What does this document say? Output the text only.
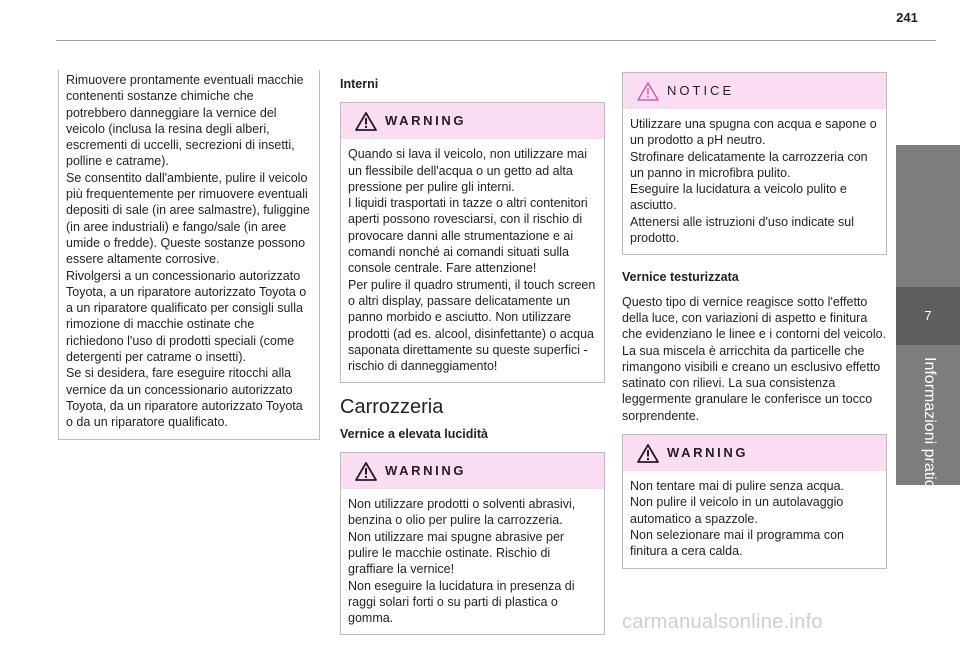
241
7
Informazioni pratiche

Rimuovere prontamente eventuali macchie contenenti sostanze chimiche che potrebbero danneggiare la vernice del veicolo (inclusa la resina degli alberi, escrementi di uccelli, secrezioni di insetti, polline e catrame).

Se consentito dall'ambiente, pulire il veicolo più frequentemente per rimuovere eventuali depositi di sale (in aree salmastre), fuliggine (in aree industriali) e fango/sale (in aree umide o fredde). Queste sostanze possono essere altamente corrosive.

Rivolgersi a un concessionario autorizzato Toyota, a un riparatore autorizzato Toyota o a un riparatore qualificato per consigli sulla rimozione di macchie ostinate che richiedono l'uso di prodotti speciali (come detergenti per catrame o insetti).

Se si desidera, fare eseguire ritocchi alla vernice da un concessionario autorizzato Toyota, da un riparatore autorizzato Toyota o da un riparatore qualificato.

Interni
WARNING

Quando si lava il veicolo, non utilizzare mai un flessibile dell'acqua o un getto ad alta pressione per pulire gli interni.

I liquidi trasportati in tazze o altri contenitori aperti possono rovesciarsi, con il rischio di provocare danni alle strumentazione e ai comandi nonché ai comandi situati sulla console centrale. Fare attenzione!

Per pulire il quadro strumenti, il touch screen o altri display, passare delicatamente un panno morbido e asciutto. Non utilizzare prodotti (ad es. alcool, disinfettante) o acqua saponata direttamente su queste superfici - rischio di danneggiamento!

Carrozzeria
Vernice a elevata lucidità
WARNING

Non utilizzare prodotti o solventi abrasivi, benzina o olio per pulire la carrozzeria.

Non utilizzare mai spugne abrasive per pulire le macchie ostinate. Rischio di graffiare la vernice!

Non eseguire la lucidatura in presenza di raggi solari forti o su parti di plastica o gomma.

NOTICE

Utilizzare una spugna con acqua e sapone o un prodotto a pH neutro.

Strofinare delicatamente la carrozzeria con un panno in microfibra pulito.

Eseguire la lucidatura a veicolo pulito e asciutto.

Attenersi alle istruzioni d'uso indicate sul prodotto.

Vernice testurizzata

Questo tipo di vernice reagisce sotto l'effetto della luce, con variazioni di aspetto e finitura che evidenziano le linee e i contorni del veicolo. La sua miscela è arricchita da particelle che rimangono visibili e creano un esclusivo effetto satinato con rilievi. La sua consistenza leggermente granulare le conferisce un tocco sorprendente.

WARNING

Non tentare mai di pulire senza acqua.

Non pulire il veicolo in un autolavaggio automatico a spazzole.

Non selezionare mai il programma con finitura a cera calda.

carmanualsonline.info
